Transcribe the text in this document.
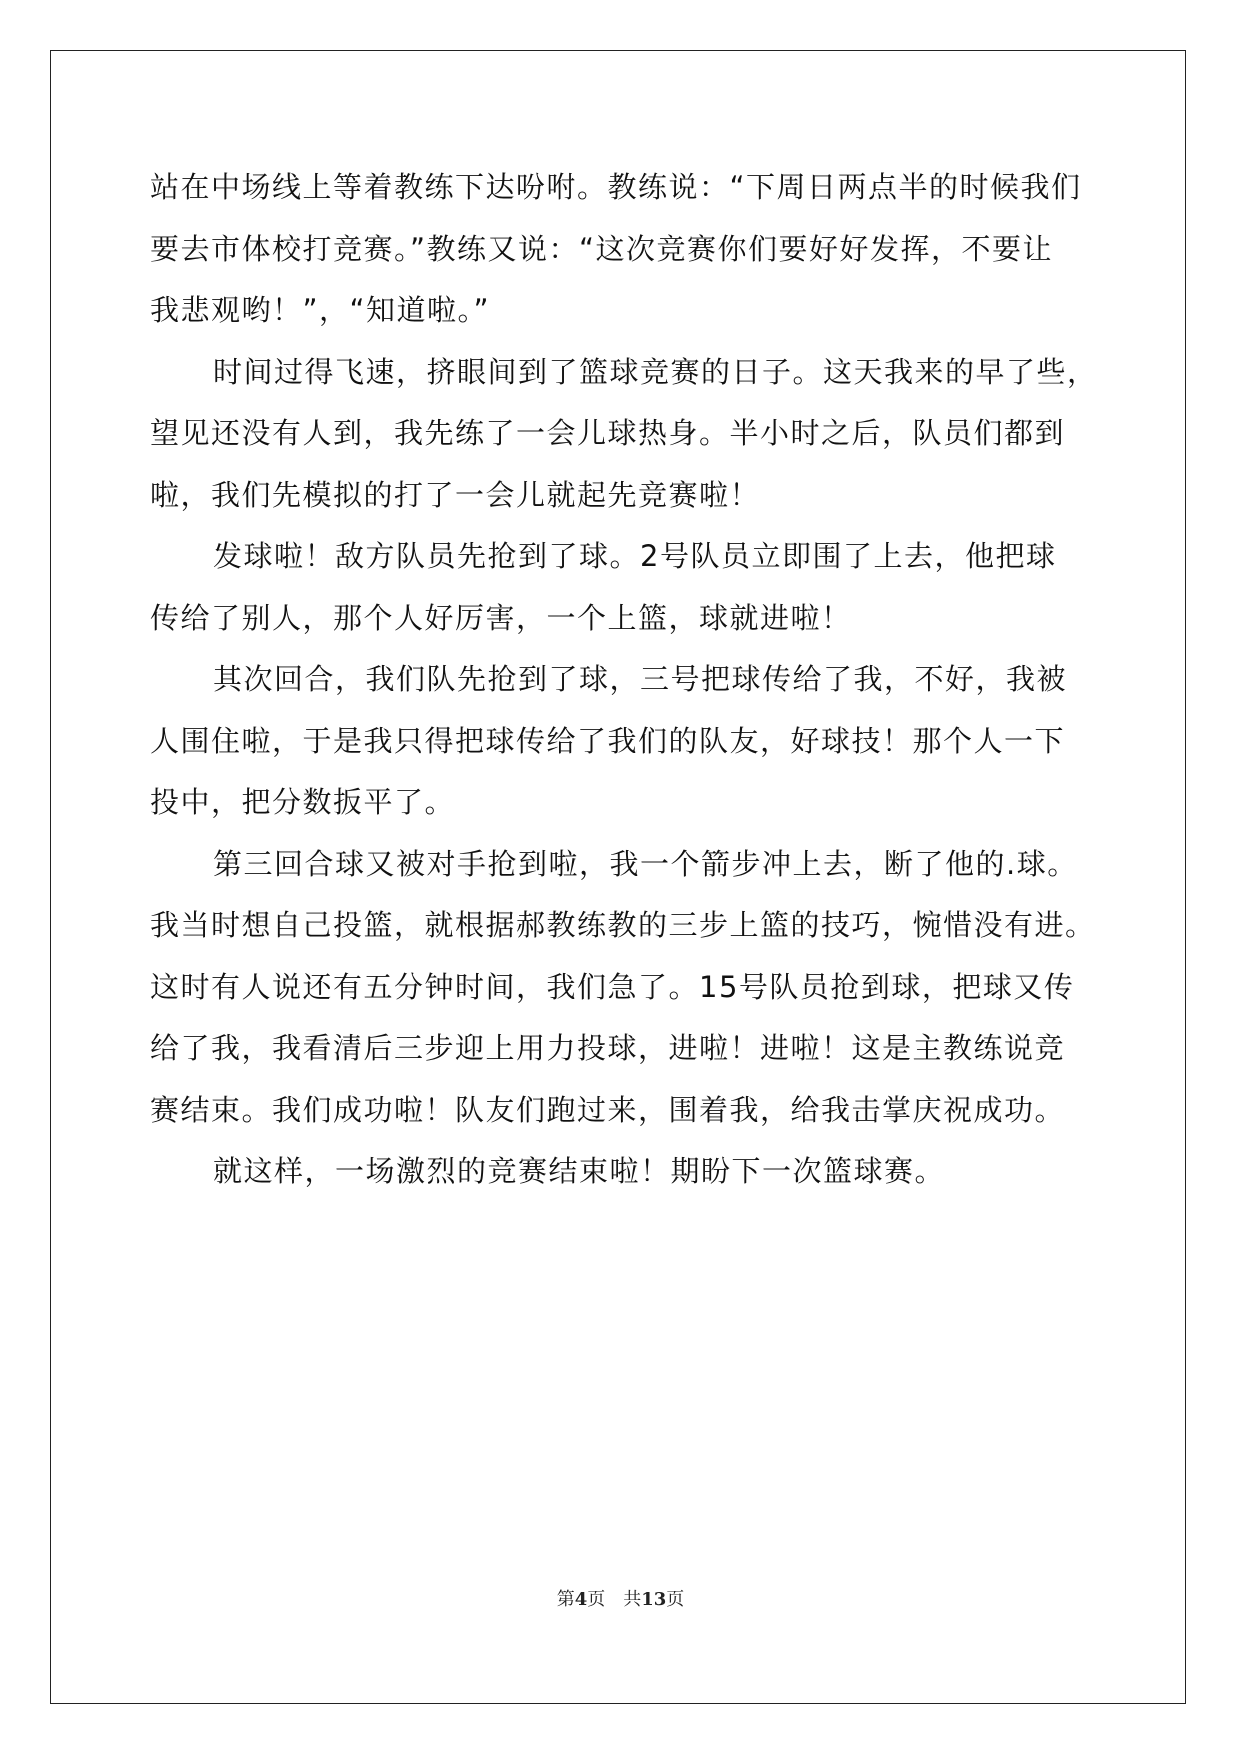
站在中场线上等着教练下达吩咐。教练说：“下周日两点半的时候我们
要去市体校打竞赛。”教练又说：“这次竞赛你们要好好发挥，不要让
我悲观哟！”，“知道啦。”
时间过得飞速，挤眼间到了篮球竞赛的日子。这天我来的早了些，
望见还没有人到，我先练了一会儿球热身。半小时之后，队员们都到
啦，我们先模拟的打了一会儿就起先竞赛啦！
发球啦！敌方队员先抢到了球。2号队员立即围了上去，他把球
传给了别人，那个人好厉害，一个上篮，球就进啦！
其次回合，我们队先抢到了球，三号把球传给了我，不好，我被
人围住啦，于是我只得把球传给了我们的队友，好球技！那个人一下
投中，把分数扳平了。
第三回合球又被对手抢到啦，我一个箭步冲上去，断了他的.球。
我当时想自己投篮，就根据郝教练教的三步上篮的技巧，惋惜没有进。
这时有人说还有五分钟时间，我们急了。15号队员抢到球，把球又传
给了我，我看清后三步迎上用力投球，进啦！进啦！这是主教练说竞
赛结束。我们成功啦！队友们跑过来，围着我，给我击掌庆祝成功。
就这样，一场激烈的竞赛结束啦！期盼下一次篮球赛。
第4页　共13页
